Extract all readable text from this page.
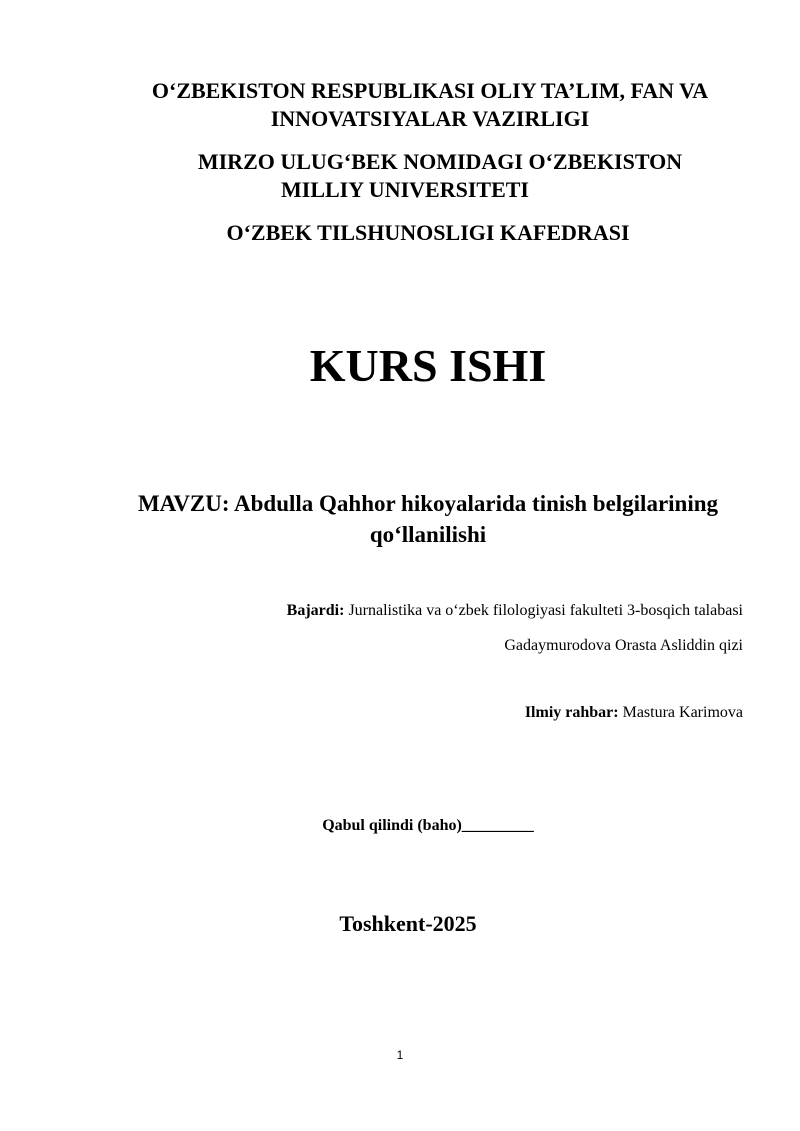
O‘ZBEKISTON RESPUBLIKASI OLIY TA’LIM, FAN VA INNOVATSIYALAR VAZIRLIGI
MIRZO ULUG‘BEK NOMIDAGI O‘ZBEKISTON
MILLIY UNIVERSITETI
O‘ZBEK TILSHUNOSLIGI KAFEDRASI
KURS ISHI
MAVZU: Abdulla Qahhor hikoyalarida tinish belgilarining qo‘llanilishi
Bajardi: Jurnalistika va o‘zbek filologiyasi fakulteti 3-bosqich talabasi
Gadaymurodova Orasta Asliddin qizi
Ilmiy rahbar: Mastura Karimova
Qabul qilindi (baho)_________
Toshkent-2025
1
